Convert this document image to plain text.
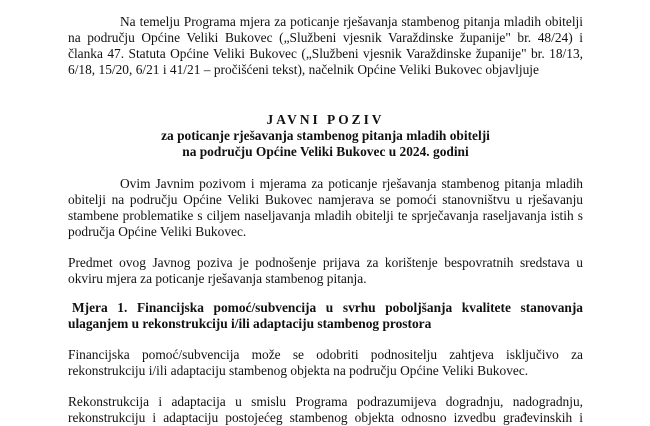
Na temelju Programa mjera za poticanje rješavanja stambenog pitanja mladih obitelji
na području Općine Veliki Bukovec („Službeni vjesnik Varaždinske županije" br. 48/24) i
članka 47. Statuta Općine Veliki Bukovec („Službeni vjesnik Varaždinske županije" br. 18/13,
6/18, 15/20, 6/21 i 41/21 – pročišćeni tekst), načelnik Općine Veliki Bukovec objavljuje
JAVNI POZIV
za poticanje rješavanja stambenog pitanja mladih obitelji
na području Općine Veliki Bukovec u 2024. godini
Ovim Javnim pozivom i mjerama za poticanje rješavanja stambenog pitanja mladih
obitelji na području Općine Veliki Bukovec namjerava se pomoći stanovništvu u rješavanju
stambene problematike s ciljem naseljavanja mladih obitelji te sprječavanja raseljavanja istih s
područja Općine Veliki Bukovec.
Predmet ovog Javnog poziva je podnošenje prijava za korištenje bespovratnih sredstava u
okviru mjera za poticanje rješavanja stambenog pitanja.
Mjera 1. Financijska pomoć/subvencija u svrhu poboljšanja kvalitete stanovanja
ulaganjem u rekonstrukciju i/ili adaptaciju stambenog prostora
Financijska pomoć/subvencija može se odobriti podnositelju zahtjeva isključivo za
rekonstrukciju i/ili adaptaciju stambenog objekta na području Općine Veliki Bukovec.
Rekonstrukcija i adaptacija u smislu Programa podrazumijeva dogradnju, nadogradnju,
rekonstrukciju i adaptaciju postojećeg stambenog objekta odnosno izvedbu građevinskih i
